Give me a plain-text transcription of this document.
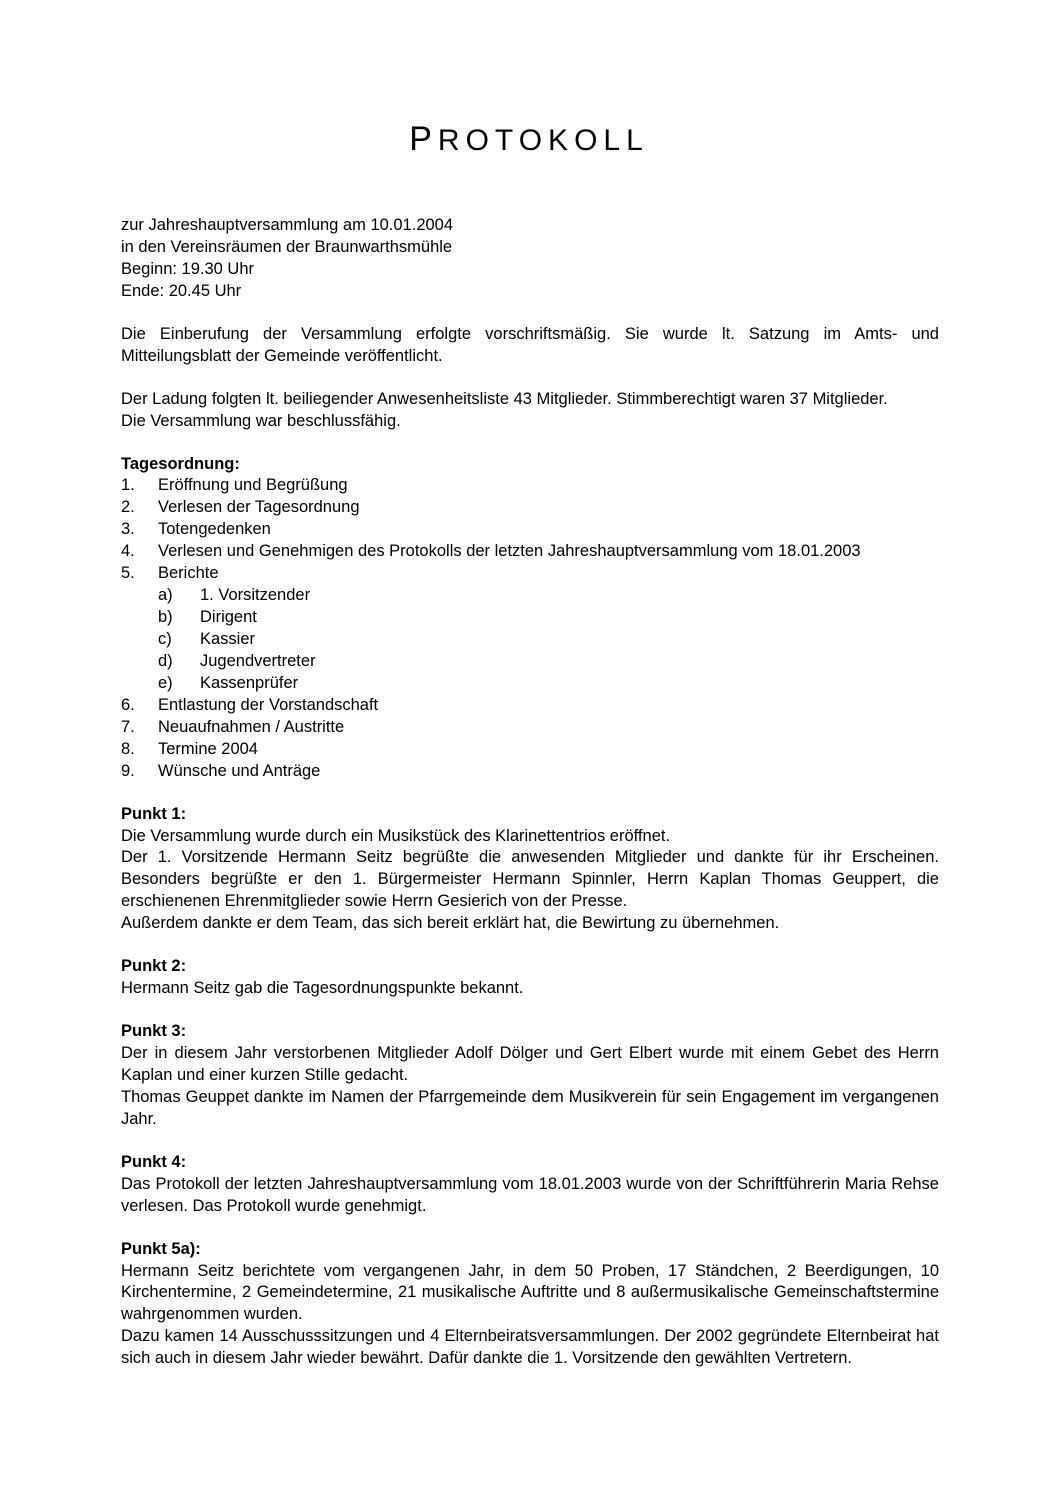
PROTOKOLL

zur Jahreshauptversammlung am 10.01.2004

in den Vereinsräumen der Braunwarthsmühle

Beginn: 19.30 Uhr

Ende: 20.45 Uhr

Die Einberufung der Versammlung erfolgte vorschriftsmäßig. Sie wurde lt. Satzung im Amts- und Mitteilungsblatt der Gemeinde veröffentlicht.

Der Ladung folgten lt. beiliegender Anwesenheitsliste 43 Mitglieder. Stimmberechtigt waren 37 Mitglieder.

Die Versammlung war beschlussfähig.

Tagesordnung:

1. Eröffnung und Begrüßung
2. Verlesen der Tagesordnung
3. Totengedenken
4. Verlesen und Genehmigen des Protokolls der letzten Jahreshauptversammlung vom 18.01.2003
5. Berichte
a) 1. Vorsitzender
b) Dirigent
c) Kassier
d) Jugendvertreter
e) Kassenprüfer
6. Entlastung der Vorstandschaft
7. Neuaufnahmen / Austritte
8. Termine 2004
9. Wünsche und Anträge

Punkt 1:

Die Versammlung wurde durch ein Musikstück des Klarinettentrios eröffnet.

Der 1. Vorsitzende Hermann Seitz begrüßte die anwesenden Mitglieder und dankte für ihr Erscheinen. Besonders begrüßte er den 1. Bürgermeister Hermann Spinnler, Herrn Kaplan Thomas Geuppert, die erschienenen Ehrenmitglieder sowie Herrn Gesierich von der Presse.

Außerdem dankte er dem Team, das sich bereit erklärt hat, die Bewirtung zu übernehmen.

Punkt 2:

Hermann Seitz gab die Tagesordnungspunkte bekannt.

Punkt 3:

Der in diesem Jahr verstorbenen Mitglieder Adolf Dölger und Gert Elbert wurde mit einem Gebet des Herrn Kaplan und einer kurzen Stille gedacht.

Thomas Geuppet dankte im Namen der Pfarrgemeinde dem Musikverein für sein Engagement im vergangenen Jahr.

Punkt 4:

Das Protokoll der letzten Jahreshauptversammlung vom 18.01.2003 wurde von der Schriftführerin Maria Rehse verlesen. Das Protokoll wurde genehmigt.

Punkt 5a):

Hermann Seitz berichtete vom vergangenen Jahr, in dem 50 Proben, 17 Ständchen, 2 Beerdigungen, 10 Kirchentermine, 2 Gemeindetermine, 21 musikalische Auftritte und 8 außermusikalische Gemeinschaftstermine wahrgenommen wurden.

Dazu kamen 14 Ausschusssitzungen und 4 Elternbeiratsversammlungen. Der 2002 gegründete Elternbeirat hat sich auch in diesem Jahr wieder bewährt. Dafür dankte die 1. Vorsitzende den gewählten Vertretern.
